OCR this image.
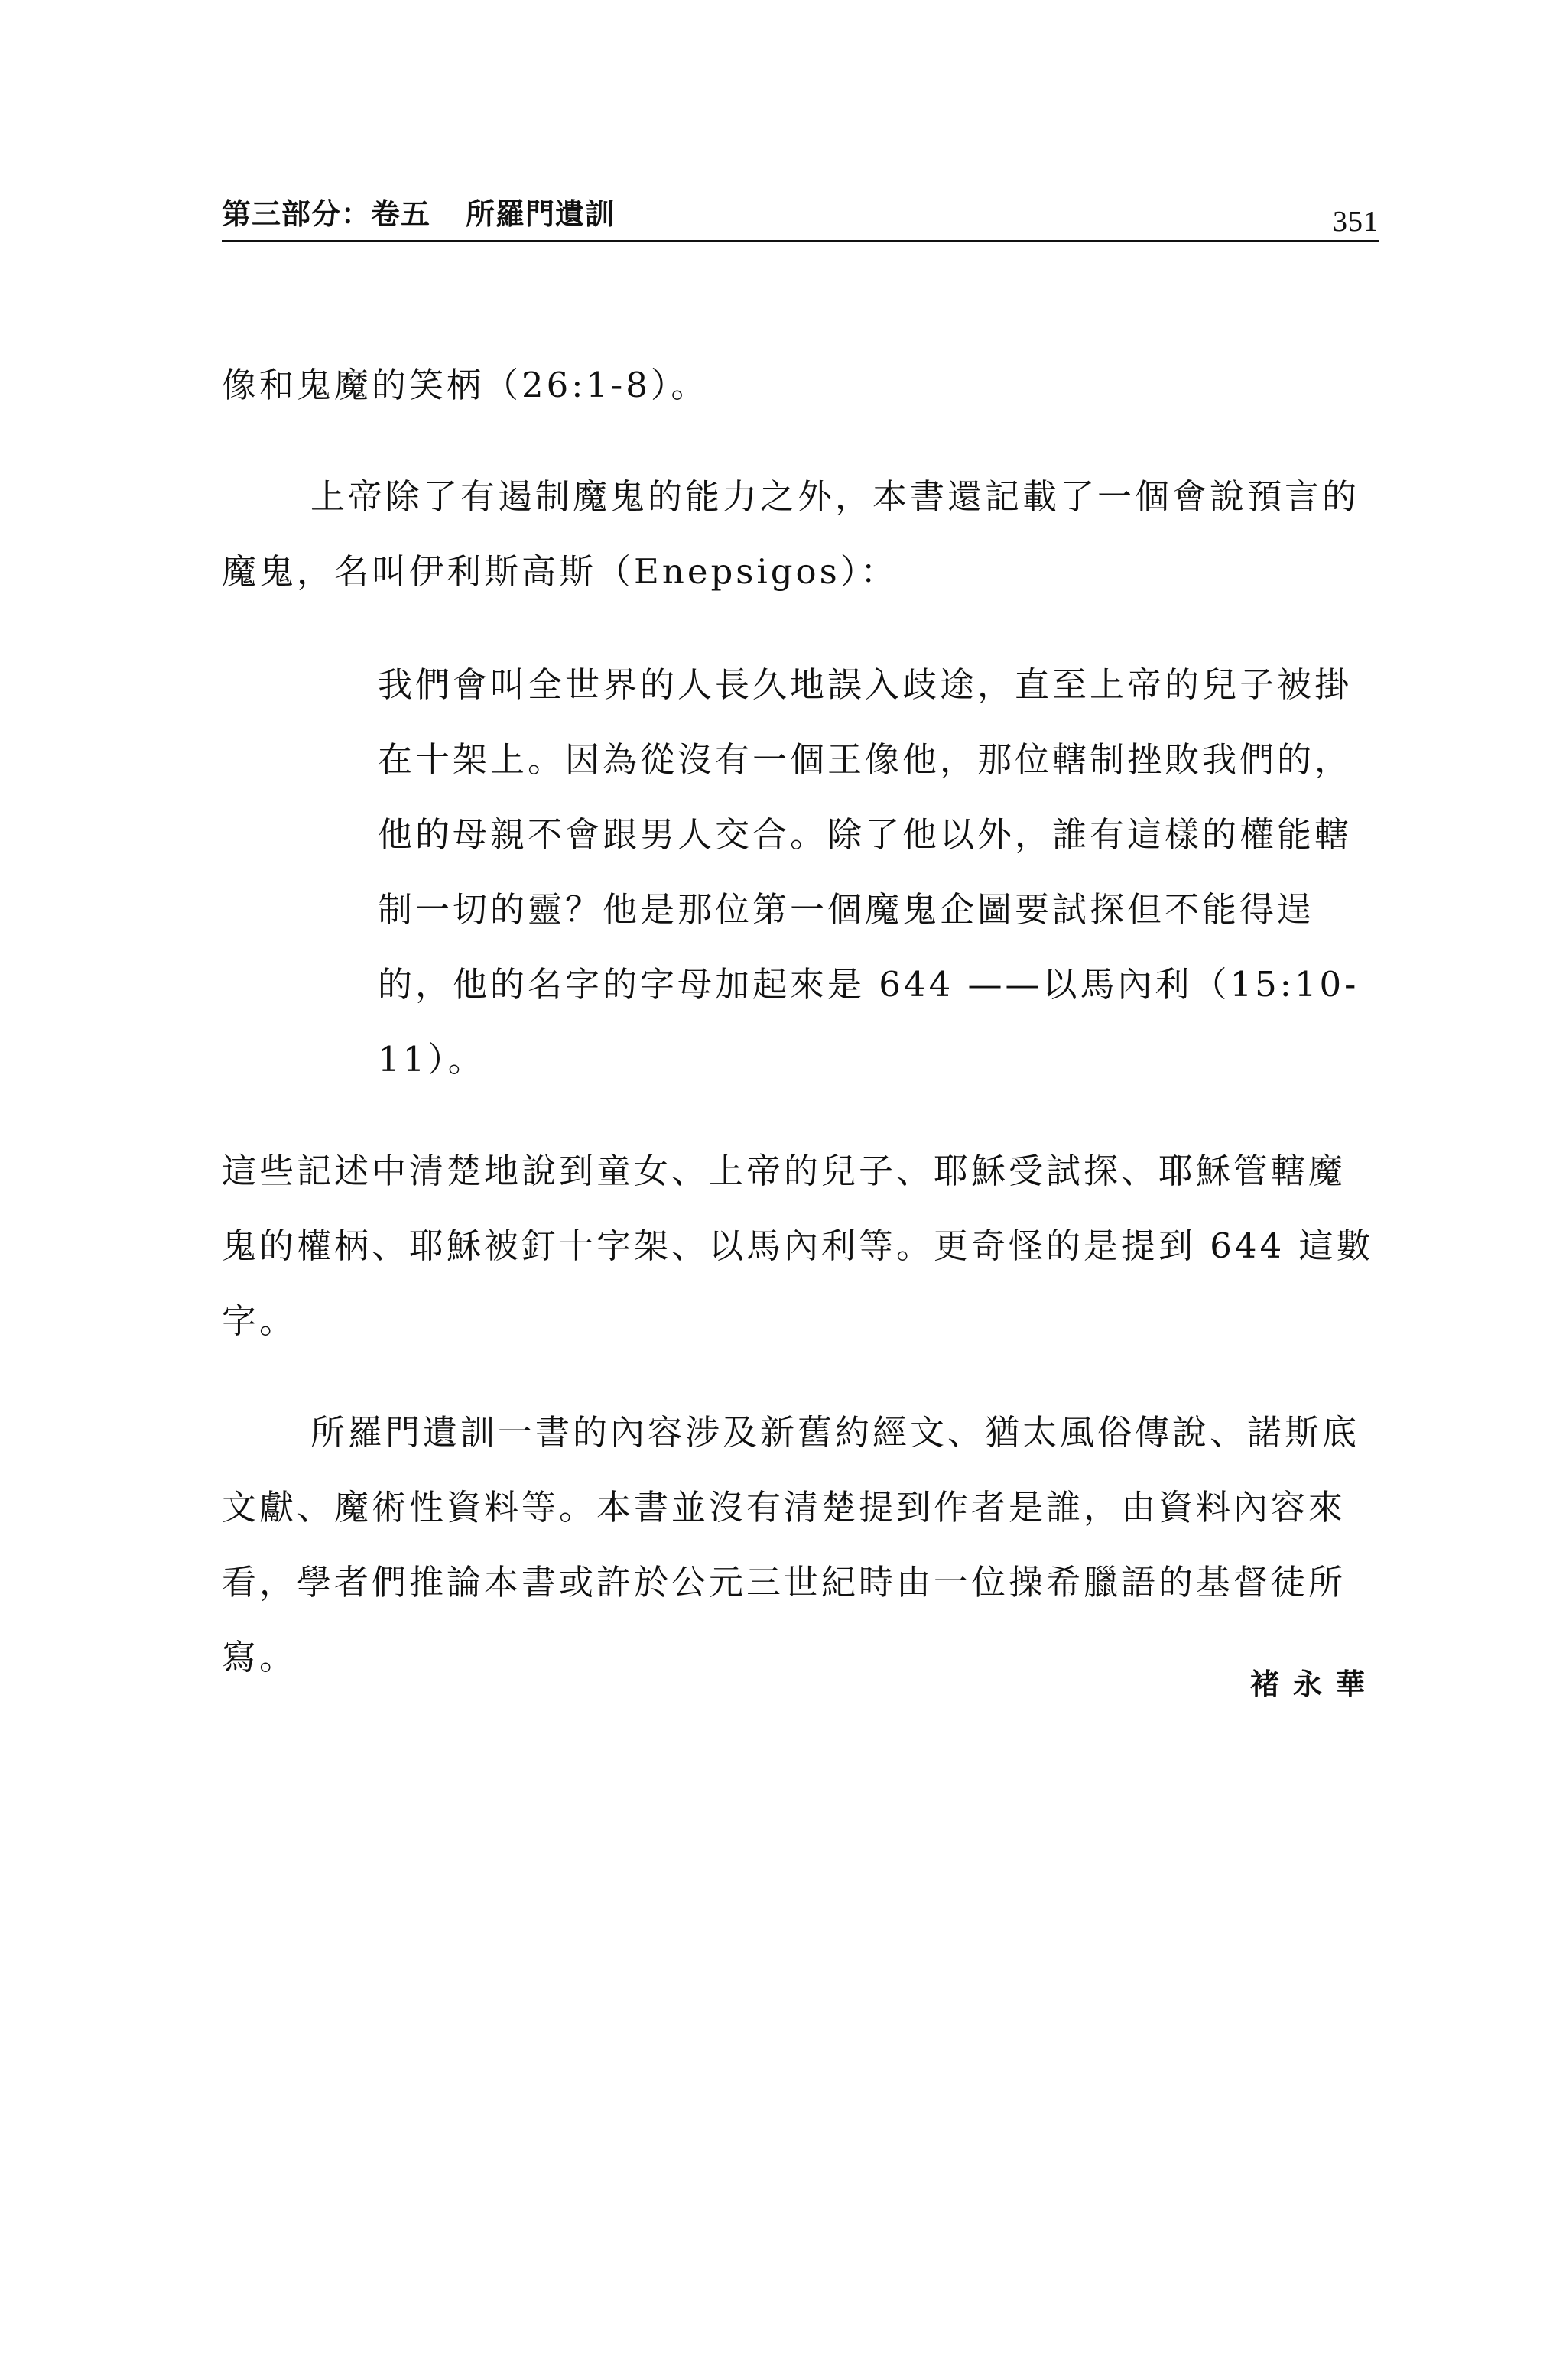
第三部分：卷五 所羅門遺訓	351

像和鬼魔的笑柄（26:1-8）。

上帝除了有遏制魔鬼的能力之外，本書還記載了一個會說預言的魔鬼，名叫伊利斯高斯（Enepsigos）：

我們會叫全世界的人長久地誤入歧途，直至上帝的兒子被掛在十架上。因為從沒有一個王像他，那位轄制挫敗我們的，他的母親不會跟男人交合。除了他以外，誰有這樣的權能轄制一切的靈？他是那位第一個魔鬼企圖要試探但不能得逞的，他的名字的字母加起來是 644 ——以馬內利（15:10-11）。

這些記述中清楚地說到童女、上帝的兒子、耶穌受試探、耶穌管轄魔鬼的權柄、耶穌被釘十字架、以馬內利等。更奇怪的是提到 644 這數字。

所羅門遺訓一書的內容涉及新舊約經文、猶太風俗傳說、諾斯底文獻、魔術性資料等。本書並沒有清楚提到作者是誰，由資料內容來看，學者們推論本書或許於公元三世紀時由一位操希臘語的基督徒所寫。

褚永華
